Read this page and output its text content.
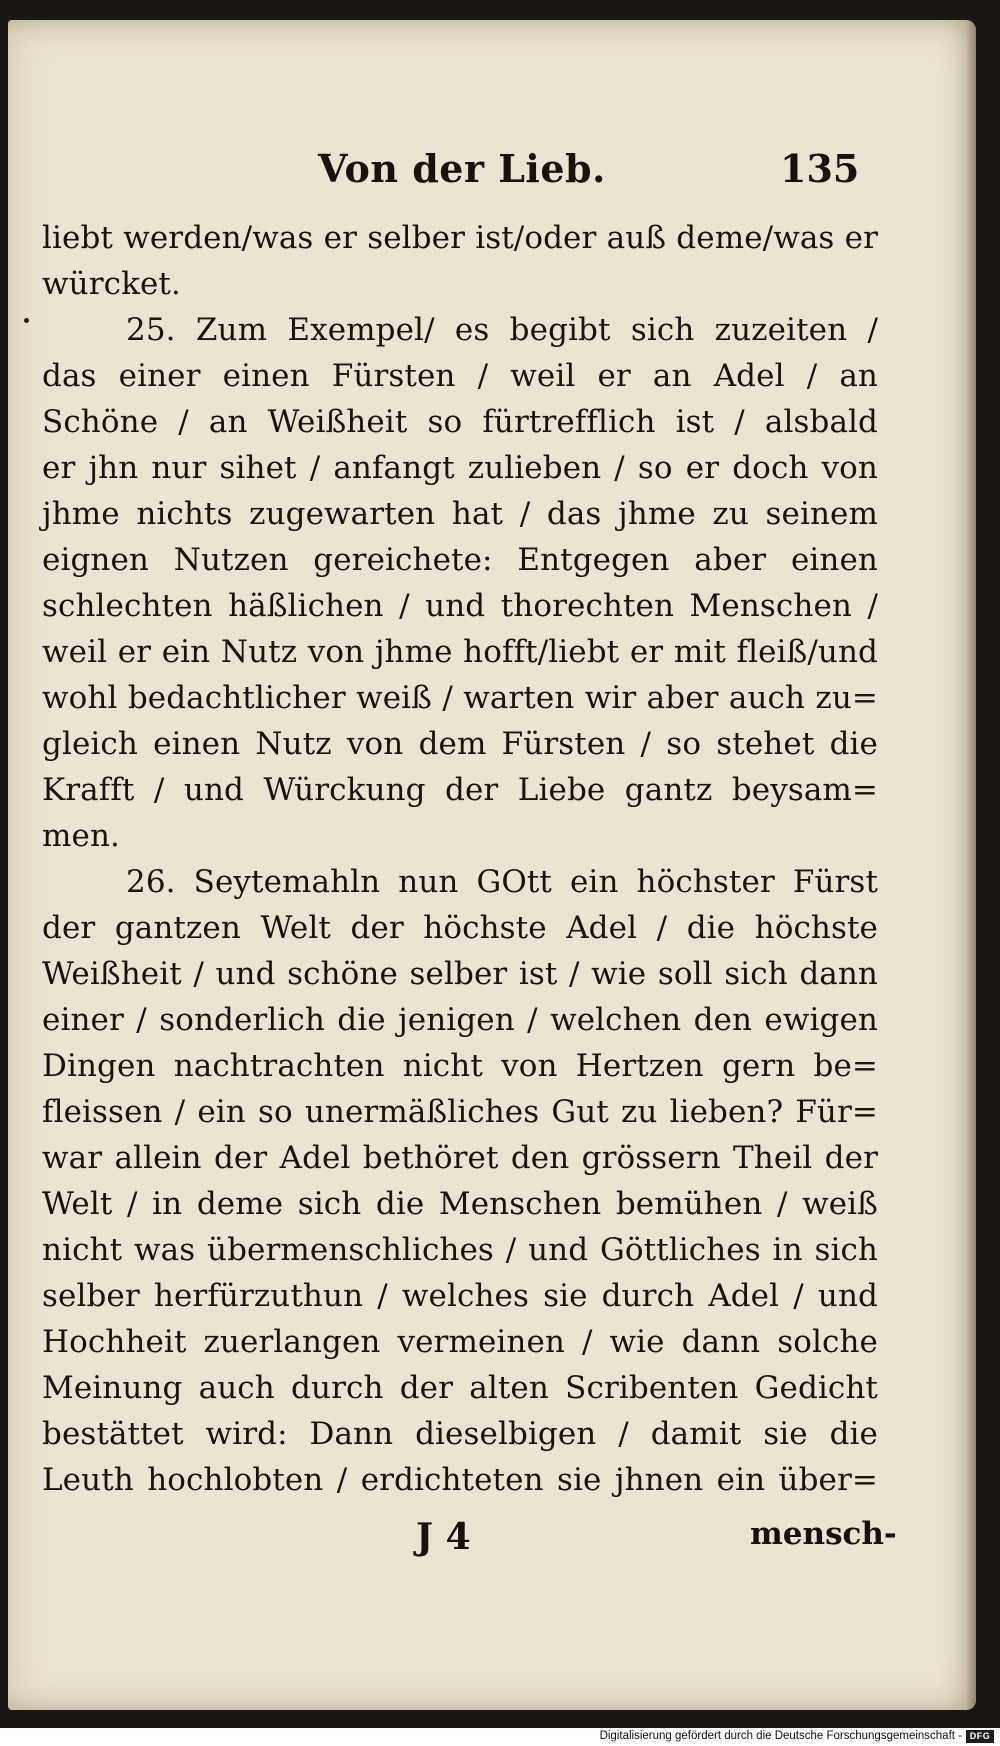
Von der Lieb.	135
liebt werden/was er selber ist/oder auß deme/was er
würcket.
25. Zum Exempel/ es begibt sich zuzeiten /
das einer einen Fürsten / weil er an Adel / an
Schöne / an Weißheit so fürtrefflich ist / alsbald
er jhn nur sihet / anfangt zulieben / so er doch von
jhme nichts zugewarten hat / das jhme zu seinem
eignen Nutzen gereichete: Entgegen aber einen
schlechten häßlichen / und thorechten Menschen /
weil er ein Nutz von jhme hofft/liebt er mit fleiß/und
wohl bedachtlicher weiß / warten wir aber auch zu=
gleich einen Nutz von dem Fürsten / so stehet die
Krafft / und Würckung der Liebe gantz beysam=
men.
26. Seytemahln nun GOtt ein höchster Fürst
der gantzen Welt der höchste Adel / die höchste
Weißheit / und schöne selber ist / wie soll sich dann
einer / sonderlich die jenigen / welchen den ewigen
Dingen nachtrachten nicht von Hertzen gern be=
fleissen / ein so unermäßliches Gut zu lieben? Für=
war allein der Adel bethöret den grössern Theil der
Welt / in deme sich die Menschen bemühen / weiß
nicht was übermenschliches / und Göttliches in sich
selber herfürzuthun / welches sie durch Adel / und
Hochheit zuerlangen vermeinen / wie dann solche
Meinung auch durch der alten Scribenten Gedicht
bestättet wird: Dann dieselbigen / damit sie die
Leuth hochlobten / erdichteten sie jhnen ein über=
J 4	mensch-
Digitalisierung gefördert durch die Deutsche Forschungsgemeinschaft - DFG
